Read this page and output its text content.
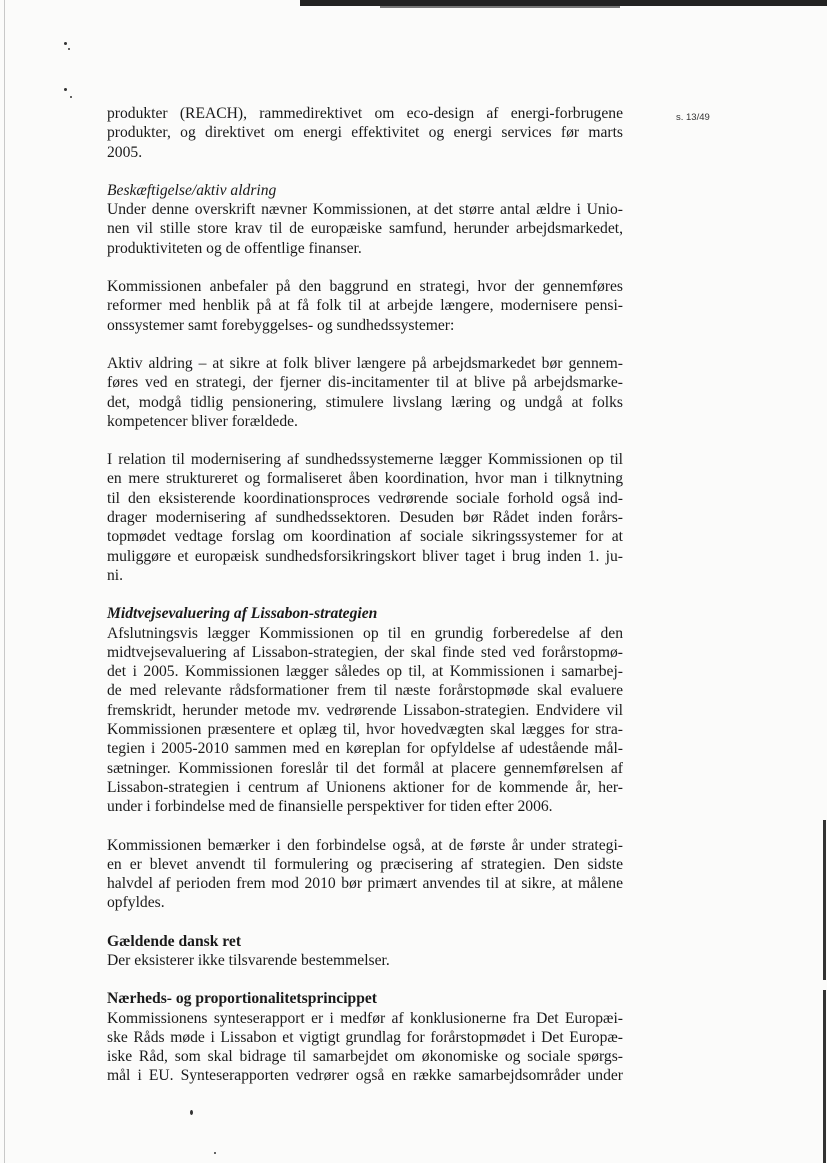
s. 13/49

produkter (REACH), rammedirektivet om eco-design af energi-forbrugene
produkter, og direktivet om energi effektivitet og energi services før marts
2005.

Beskæftigelse/aktiv aldring
Under denne overskrift nævner Kommissionen, at det større antal ældre i Unio-
nen vil stille store krav til de europæiske samfund, herunder arbejdsmarkedet,
produktiviteten og de offentlige finanser.

Kommissionen anbefaler på den baggrund en strategi, hvor der gennemføres
reformer med henblik på at få folk til at arbejde længere, modernisere pensi-
onssystemer samt forebyggelses- og sundhedssystemer:

Aktiv aldring – at sikre at folk bliver længere på arbejdsmarkedet bør gennem-
føres ved en strategi, der fjerner dis-incitamenter til at blive på arbejdsmarke-
det, modgå tidlig pensionering, stimulere livslang læring og undgå at folks
kompetencer bliver forældede.

I relation til modernisering af sundhedssystemerne lægger Kommissionen op til
en mere struktureret og formaliseret åben koordination, hvor man i tilknytning
til den eksisterende koordinationsproces vedrørende sociale forhold også ind-
drager modernisering af sundhedssektoren. Desuden bør Rådet inden forårs-
topmødet vedtage forslag om koordination af sociale sikringssystemer for at
muliggøre et europæisk sundhedsforsikringskort bliver taget i brug inden 1. ju-
ni.

Midtvejsevaluering af Lissabon-strategien
Afslutningsvis lægger Kommissionen op til en grundig forberedelse af den
midtvejsevaluering af Lissabon-strategien, der skal finde sted ved forårstopmø-
det i 2005. Kommissionen lægger således op til, at Kommissionen i samarbej-
de med relevante rådsformationer frem til næste forårstopmøde skal evaluere
fremskridt, herunder metode mv. vedrørende Lissabon-strategien. Endvidere vil
Kommissionen præsentere et oplæg til, hvor hovedvægten skal lægges for stra-
tegien i 2005-2010 sammen med en køreplan for opfyldelse af udestående mål-
sætninger. Kommissionen foreslår til det formål at placere gennemførelsen af
Lissabon-strategien i centrum af Unionens aktioner for de kommende år, her-
under i forbindelse med de finansielle perspektiver for tiden efter 2006.

Kommissionen bemærker i den forbindelse også, at de første år under strategi-
en er blevet anvendt til formulering og præcisering af strategien. Den sidste
halvdel af perioden frem mod 2010 bør primært anvendes til at sikre, at målene
opfyldes.

Gældende dansk ret
Der eksisterer ikke tilsvarende bestemmelser.

Nærheds- og proportionalitetsprincippet
Kommissionens synteserapport er i medfør af konklusionerne fra Det Europæi-
ske Råds møde i Lissabon et vigtigt grundlag for forårstopmødet i Det Europæ-
iske Råd, som skal bidrage til samarbejdet om økonomiske og sociale spørgs-
mål i EU. Synteserapporten vedrører også en række samarbejdsområder under
